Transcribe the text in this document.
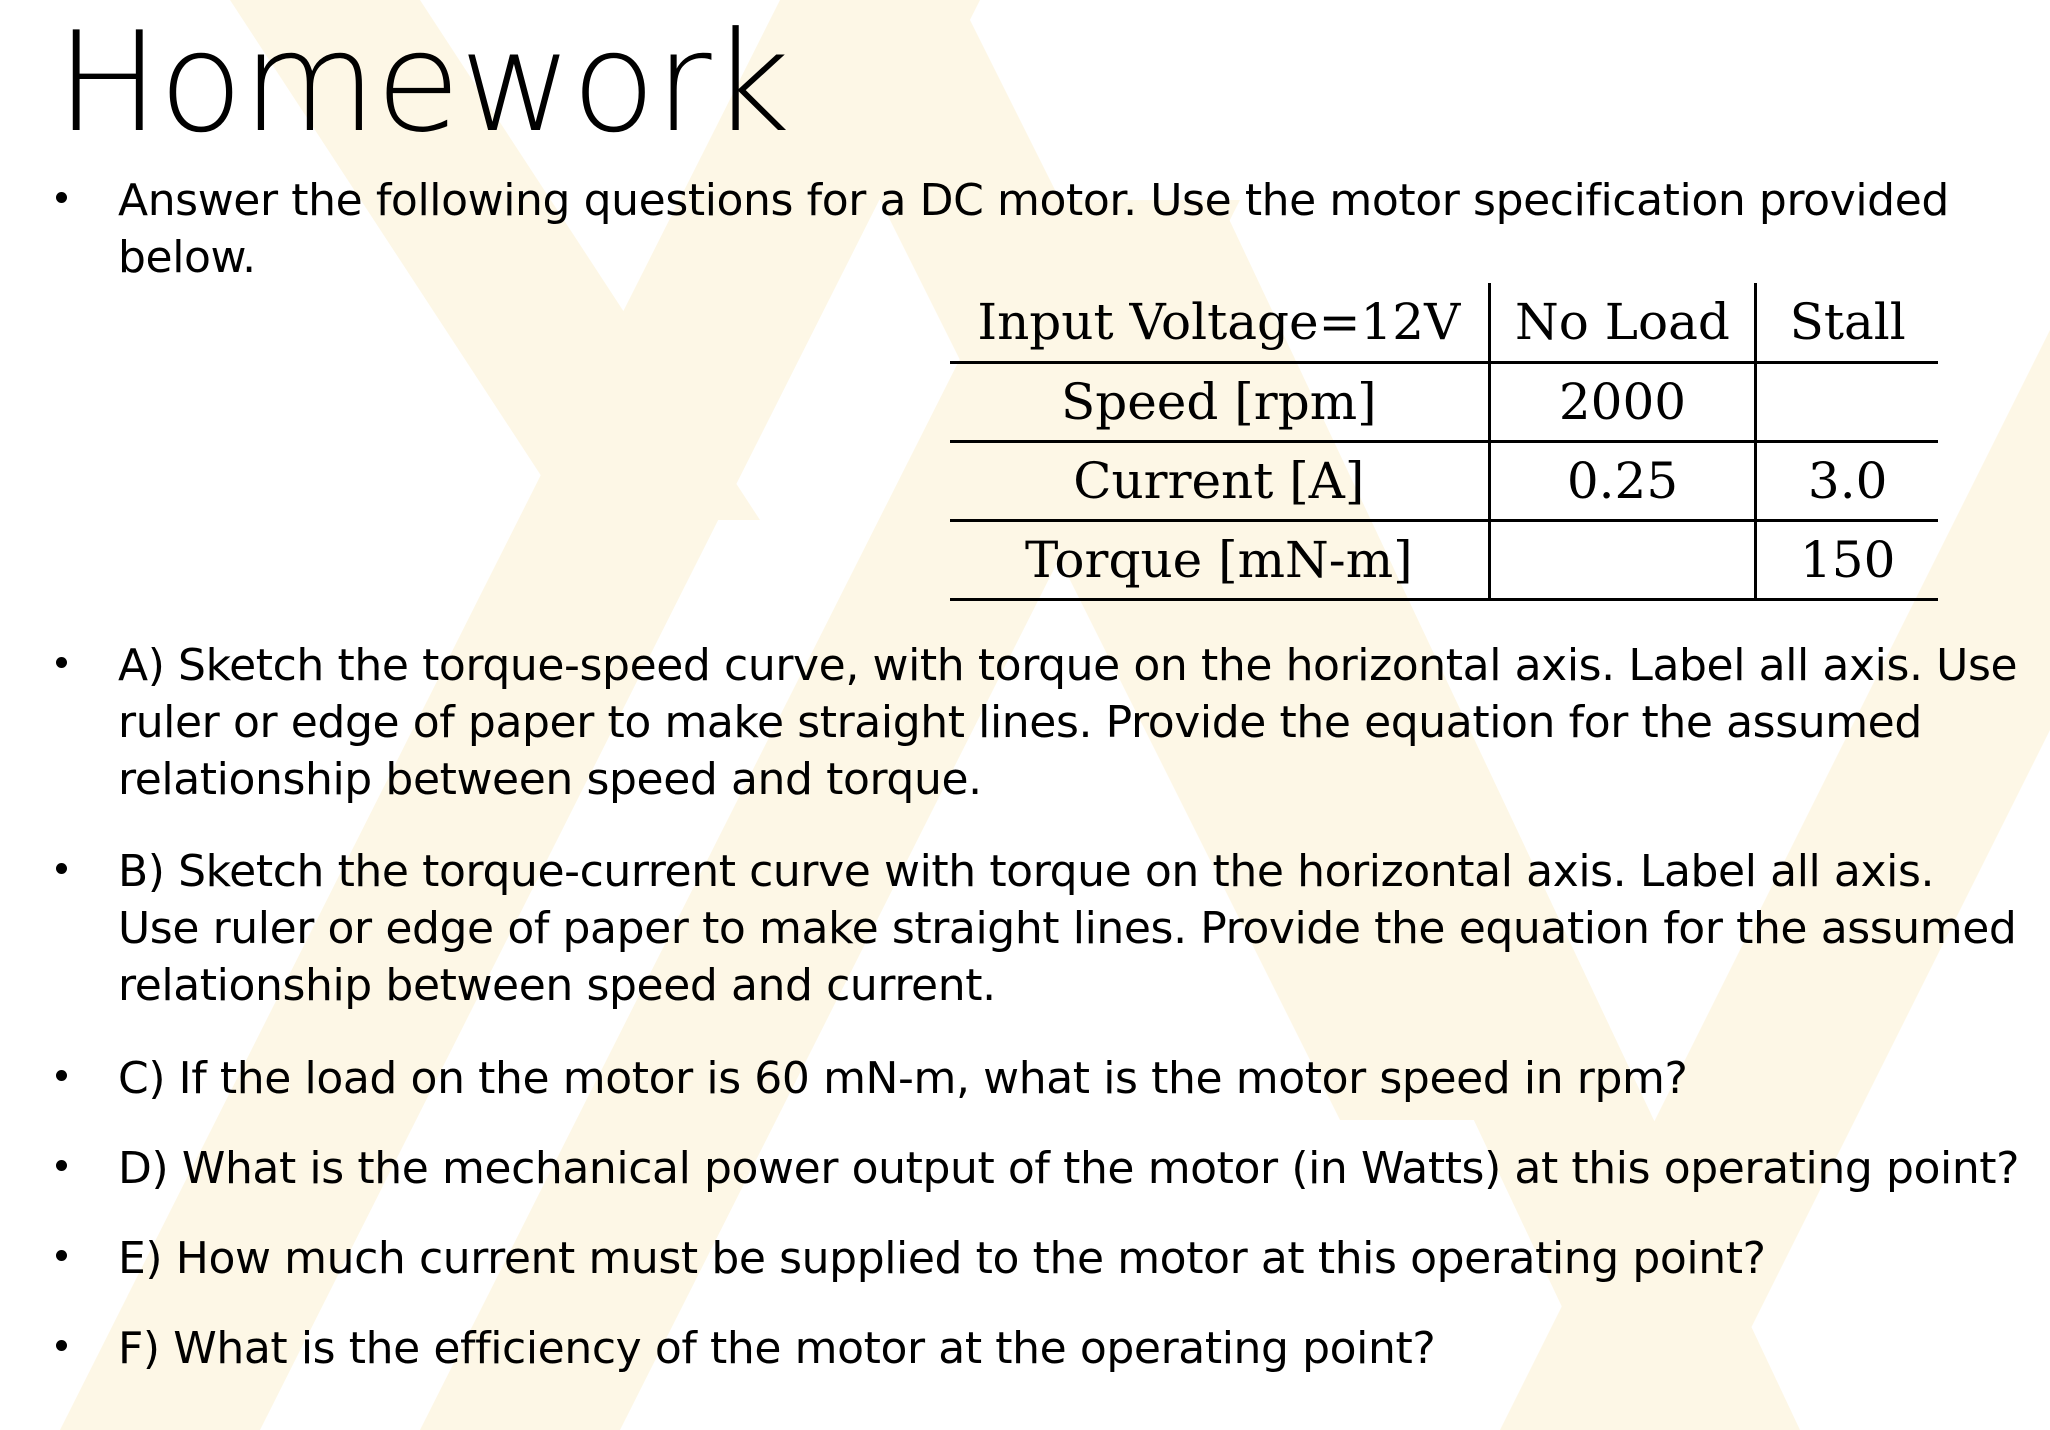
Homework

Answer the following questions for a DC motor. Use the motor specification provided below.

Input Voltage=12V	No Load	Stall
Speed [rpm]	2000	
Current [A]	0.25	3.0
Torque [mN-m]		150

A) Sketch the torque-speed curve, with torque on the horizontal axis. Label all axis. Use ruler or edge of paper to make straight lines. Provide the equation for the assumed relationship between speed and torque.

B) Sketch the torque-current curve with torque on the horizontal axis. Label all axis. Use ruler or edge of paper to make straight lines. Provide the equation for the assumed relationship between speed and current.

C) If the load on the motor is 60 mN-m, what is the motor speed in rpm?

D) What is the mechanical power output of the motor (in Watts) at this operating point?

E) How much current must be supplied to the motor at this operating point?

F) What is the efficiency of the motor at the operating point?
